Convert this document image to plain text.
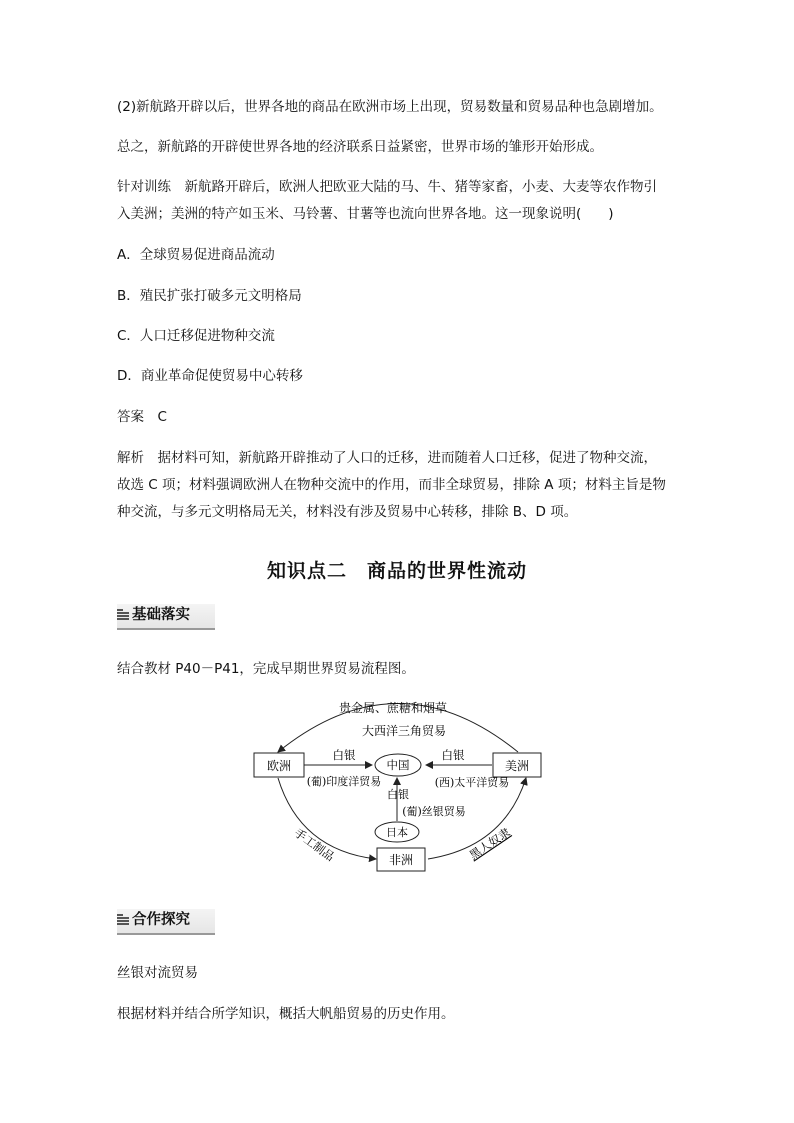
(2)新航路开辟以后，世界各地的商品在欧洲市场上出现，贸易数量和贸易品种也急剧增加。
总之，新航路的开辟使世界各地的经济联系日益紧密，世界市场的雏形开始形成。
针对训练　新航路开辟后，欧洲人把欧亚大陆的马、牛、猪等家畜，小麦、大麦等农作物引
入美洲；美洲的特产如玉米、马铃薯、甘薯等也流向世界各地。这一现象说明(　　)
A．全球贸易促进商品流动
B．殖民扩张打破多元文明格局
C．人口迁移促进物种交流
D．商业革命促使贸易中心转移
答案　C
解析　据材料可知，新航路开辟推动了人口的迁移，进而随着人口迁移，促进了物种交流，
故选 C 项；材料强调欧洲人在物种交流中的作用，而非全球贸易，排除 A 项；材料主旨是物
种交流，与多元文明格局无关，材料没有涉及贸易中心转移，排除 B、D 项。
知识点二　商品的世界性流动
基础落实
结合教材 P40－P41，完成早期世界贸易流程图。
欧洲	中国	美洲
日本
非洲
贵金属、蔗糖和烟草
大西洋三角贸易
白银	白银
(葡)印度洋贸易	(西)太平洋贸易
白银
(葡)丝银贸易
手工制品	黑人奴隶
合作探究
丝银对流贸易
根据材料并结合所学知识，概括大帆船贸易的历史作用。
